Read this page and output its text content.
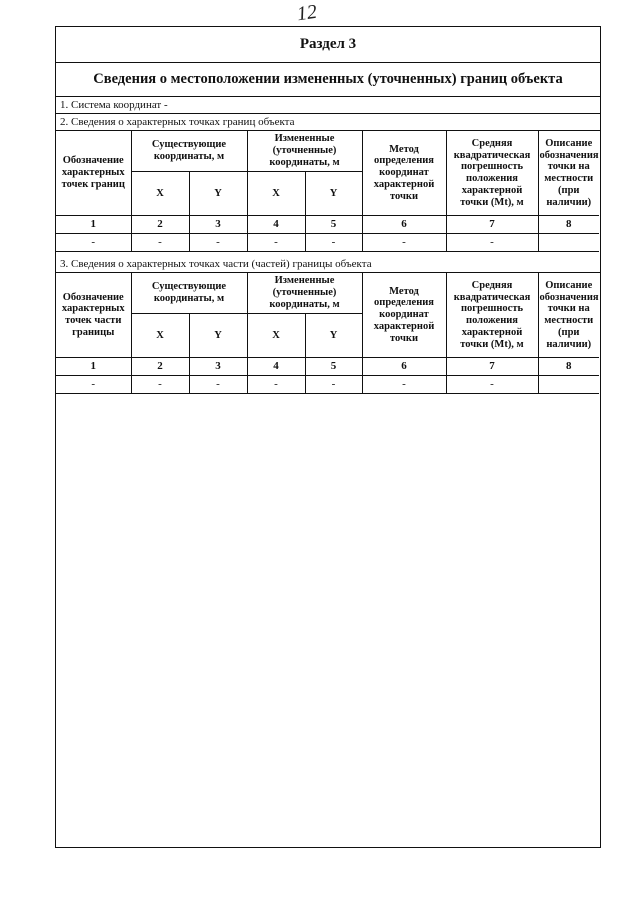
12
Раздел 3
Сведения о местоположении измененных (уточненных) границ объекта
1. Система координат -
2. Сведения о характерных точках границ объекта
Обозначение характерных точек границ	Существующие координаты, м		Измененные (уточненные) координаты, м		Метод определения координат характерной точки	Средняя квадратическая погрешность положения характерной точки (Mt), м	Описание обозначения точки на местности (при наличии)
	X	Y	X	Y			
1	2	3	4	5	6	7	8
-	-	-	-	-	-	-	
3. Сведения о характерных точках части (частей) границы объекта
Обозначение характерных точек части границы	Существующие координаты, м		Измененные (уточненные) координаты, м		Метод определения координат характерной точки	Средняя квадратическая погрешность положения характерной точки (Mt), м	Описание обозначения точки на местности (при наличии)
	X	Y	X	Y			
1	2	3	4	5	6	7	8
-	-	-	-	-	-	-	
